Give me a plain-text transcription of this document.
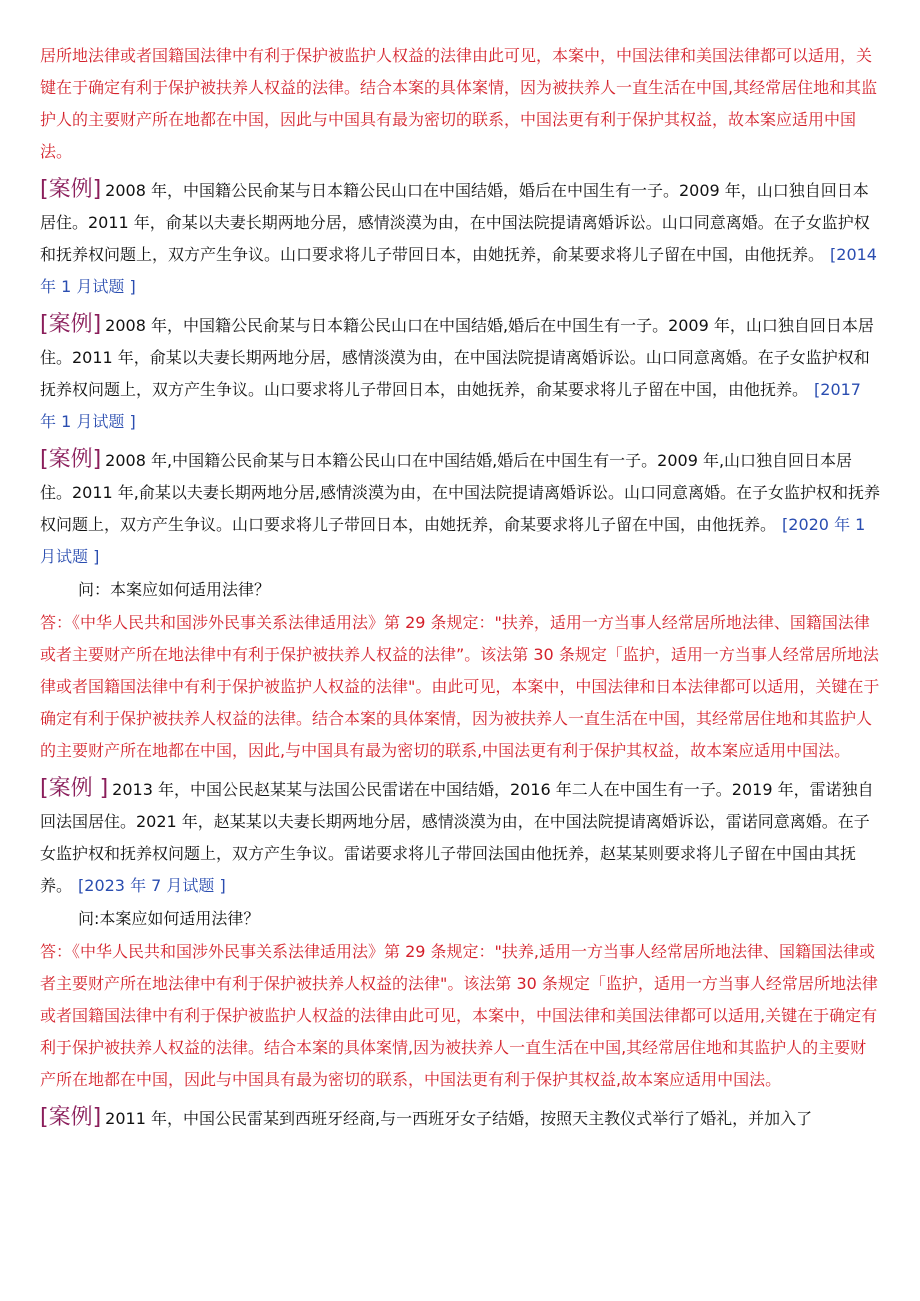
居所地法律或者国籍国法律中有利于保护被监护人权益的法律由此可见，本案中，中国法律和美国法律都可以适用，关键在于确定有利于保护被扶养人权益的法律。结合本案的具体案情，因为被扶养人一直生活在中国,其经常居住地和其监护人的主要财产所在地都在中国，因此与中国具有最为密切的联系，中国法更有利于保护其权益，故本案应适用中国法。

[案例] 2008 年，中国籍公民俞某与日本籍公民山口在中国结婚，婚后在中国生有一子。2009 年，山口独自回日本居住。2011 年，俞某以夫妻长期两地分居，感情淡漠为由，在中国法院提请离婚诉讼。山口同意离婚。在子女监护权和抚养权问题上，双方产生争议。山口要求将儿子带回日本，由她抚养，俞某要求将儿子留在中国，由他抚养。 [2014 年 1 月试题 ]

[案例] 2008 年，中国籍公民俞某与日本籍公民山口在中国结婚,婚后在中国生有一子。2009 年，山口独自回日本居住。2011 年，俞某以夫妻长期两地分居，感情淡漠为由，在中国法院提请离婚诉讼。山口同意离婚。在子女监护权和抚养权问题上，双方产生争议。山口要求将儿子带回日本，由她抚养，俞某要求将儿子留在中国，由他抚养。 [2017 年 1 月试题 ]

[案例] 2008 年,中国籍公民俞某与日本籍公民山口在中国结婚,婚后在中国生有一子。2009 年,山口独自回日本居住。2011 年,俞某以夫妻长期两地分居,感情淡漠为由，在中国法院提请离婚诉讼。山口同意离婚。在子女监护权和抚养权问题上，双方产生争议。山口要求将儿子带回日本，由她抚养，俞某要求将儿子留在中国，由他抚养。 [2020 年 1 月试题 ]

问：本案应如何适用法律？

答：《中华人民共和国涉外民事关系法律适用法》第 29 条规定："扶养，适用一方当事人经常居所地法律、国籍国法律或者主要财产所在地法律中有利于保护被扶养人权益的法律”。该法第 30 条规定「监护，适用一方当事人经常居所地法律或者国籍国法律中有利于保护被监护人权益的法律"。由此可见，本案中，中国法律和日本法律都可以适用，关键在于确定有利于保护被扶养人权益的法律。结合本案的具体案情，因为被扶养人一直生活在中国，其经常居住地和其监护人的主要财产所在地都在中国，因此,与中国具有最为密切的联系,中国法更有利于保护其权益，故本案应适用中国法。

[案例 ] 2013 年，中国公民赵某某与法国公民雷诺在中国结婚，2016 年二人在中国生有一子。2019 年，雷诺独自回法国居住。2021 年，赵某某以夫妻长期两地分居，感情淡漠为由，在中国法院提请离婚诉讼，雷诺同意离婚。在子女监护权和抚养权问题上，双方产生争议。雷诺要求将儿子带回法国由他抚养，赵某某则要求将儿子留在中国由其抚养。 [2023 年 7 月试题 ]

问:本案应如何适用法律？

答：《中华人民共和国涉外民事关系法律适用法》第 29 条规定："扶养,适用一方当事人经常居所地法律、国籍国法律或者主要财产所在地法律中有利于保护被扶养人权益的法律"。该法第 30 条规定「监护，适用一方当事人经常居所地法律或者国籍国法律中有利于保护被监护人权益的法律由此可见，本案中，中国法律和美国法律都可以适用,关键在于确定有利于保护被扶养人权益的法律。结合本案的具体案情,因为被扶养人一直生活在中国,其经常居住地和其监护人的主要财产所在地都在中国，因此与中国具有最为密切的联系，中国法更有利于保护其权益,故本案应适用中国法。

[案例] 2011 年，中国公民雷某到西班牙经商,与一西班牙女子结婚，按照天主教仪式举行了婚礼，并加入了
